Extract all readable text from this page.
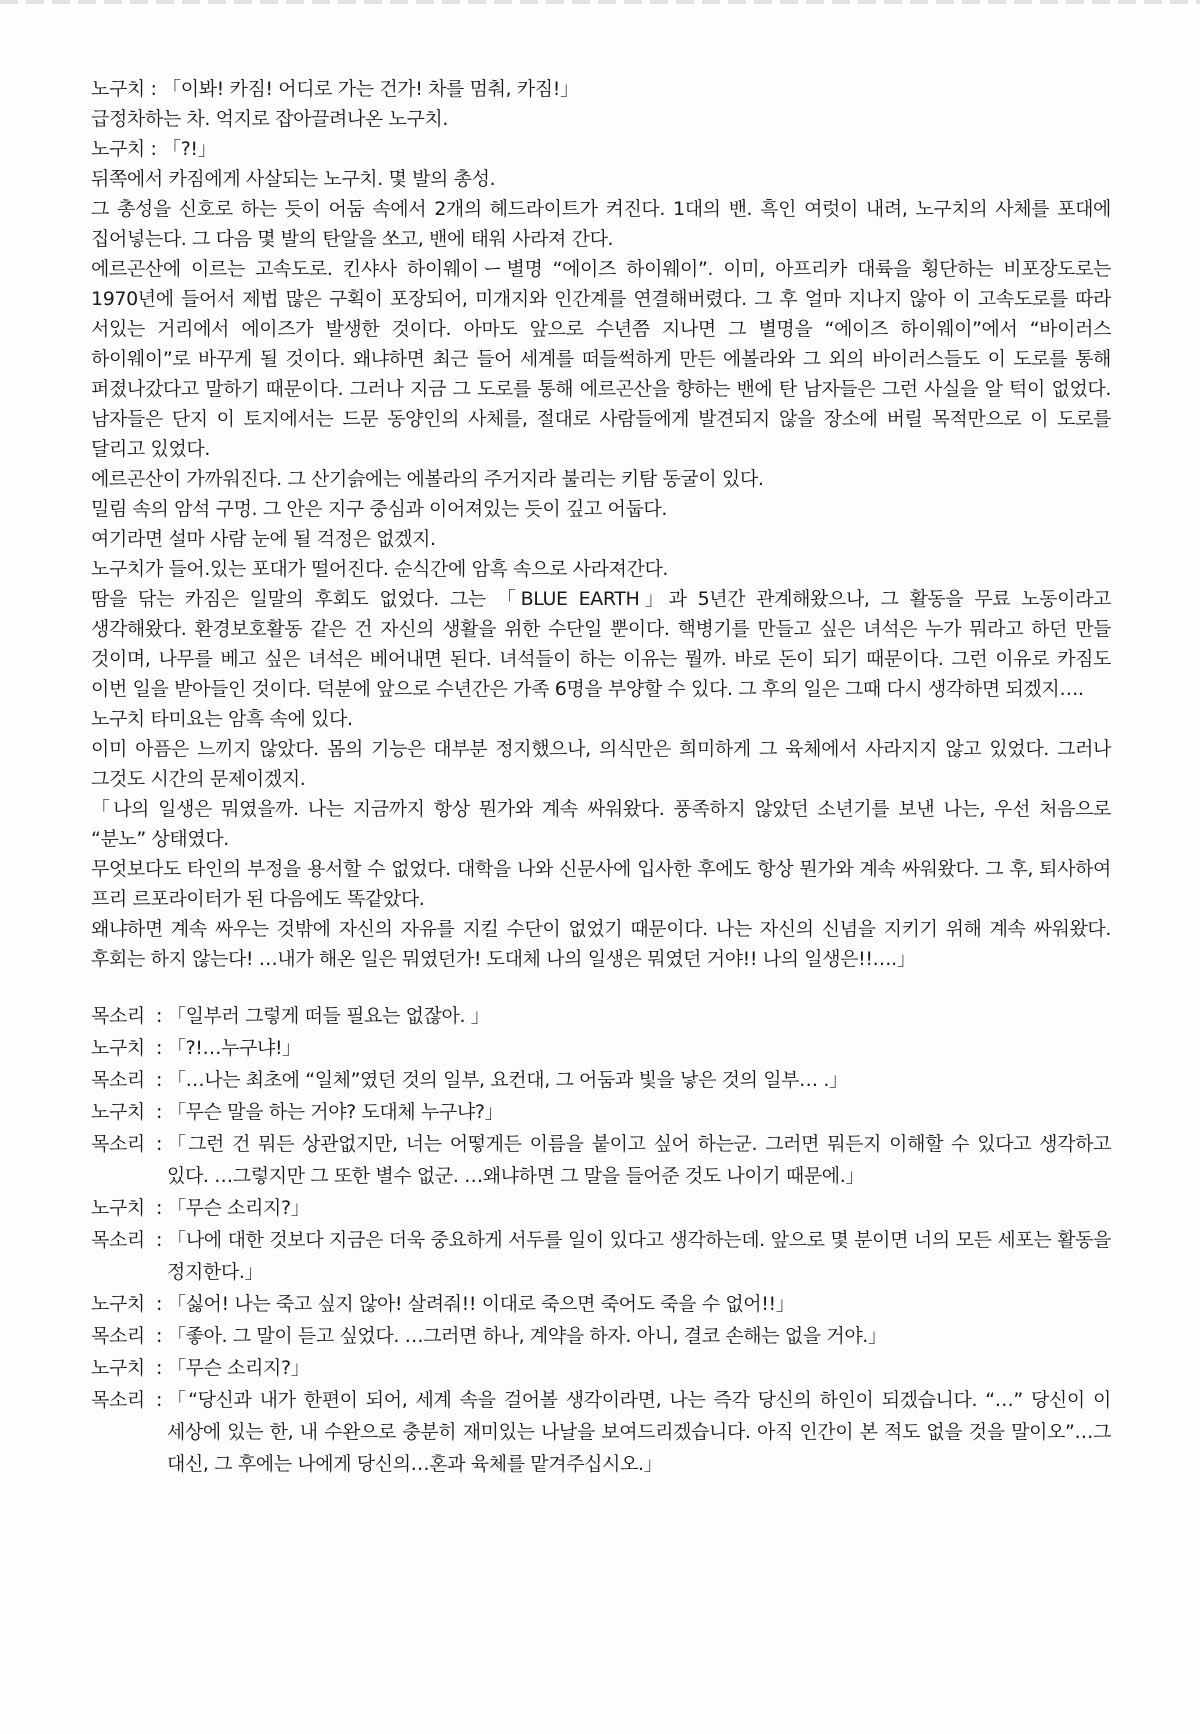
노구치 : 「이봐! 카짐! 어디로 가는 건가! 차를 멈춰, 카짐!」

급정차하는 차. 억지로 잡아끌려나온 노구치.

노구치 : 「?!」

뒤쪽에서 카짐에게 사살되는 노구치. 몇 발의 총성.

그 총성을 신호로 하는 듯이 어둠 속에서 2개의 헤드라이트가 켜진다. 1대의 밴. 흑인 여럿이 내려, 노구치의 사체를 포대에 집어넣는다. 그 다음 몇 발의 탄알을 쏘고, 밴에 태워 사라져 간다.

에르곤산에 이르는 고속도로. 킨샤사 하이웨이ー별명 “에이즈 하이웨이”. 이미, 아프리카 대륙을 횡단하는 비포장도로는 1970년에 들어서 제법 많은 구획이 포장되어, 미개지와 인간계를 연결해버렸다. 그 후 얼마 지나지 않아 이 고속도로를 따라 서있는 거리에서 에이즈가 발생한 것이다. 아마도 앞으로 수년쯤 지나면 그 별명을 “에이즈 하이웨이”에서 “바이러스 하이웨이”로 바꾸게 될 것이다. 왜냐하면 최근 들어 세계를 떠들썩하게 만든 에볼라와 그 외의 바이러스들도 이 도로를 통해 퍼졌나갔다고 말하기 때문이다. 그러나 지금 그 도로를 통해 에르곤산을 향하는 밴에 탄 남자들은 그런 사실을 알 턱이 없었다. 남자들은 단지 이 토지에서는 드문 동양인의 사체를, 절대로 사람들에게 발견되지 않을 장소에 버릴 목적만으로 이 도로를 달리고 있었다.

에르곤산이 가까워진다. 그 산기슭에는 에볼라의 주거지라 불리는 키탐 동굴이 있다.

밀림 속의 암석 구멍. 그 안은 지구 중심과 이어져있는 듯이 깊고 어둡다.

여기라면 설마 사람 눈에 될 걱정은 없겠지.

노구치가 들어.있는 포대가 떨어진다. 순식간에 암흑 속으로 사라져간다.

땀을 닦는 카짐은 일말의 후회도 없었다. 그는 「BLUE EARTH」과 5년간 관계해왔으나, 그 활동을 무료 노동이라고 생각해왔다. 환경보호활동 같은 건 자신의 생활을 위한 수단일 뿐이다. 핵병기를 만들고 싶은 녀석은 누가 뭐라고 하던 만들 것이며, 나무를 베고 싶은 녀석은 베어내면 된다. 녀석들이 하는 이유는 뭘까. 바로 돈이 되기 때문이다. 그런 이유로 카짐도 이번 일을 받아들인 것이다. 덕분에 앞으로 수년간은 가족 6명을 부양할 수 있다. 그 후의 일은 그때 다시 생각하면 되겠지….

노구치 타미요는 암흑 속에 있다.

이미 아픔은 느끼지 않았다. 몸의 기능은 대부분 정지했으나, 의식만은 희미하게 그 육체에서 사라지지 않고 있었다. 그러나 그것도 시간의 문제이겠지.

「나의 일생은 뭐였을까. 나는 지금까지 항상 뭔가와 계속 싸워왔다. 풍족하지 않았던 소년기를 보낸 나는, 우선 처음으로 “분노” 상태였다.

무엇보다도 타인의 부정을 용서할 수 없었다. 대학을 나와 신문사에 입사한 후에도 항상 뭔가와 계속 싸워왔다. 그 후, 퇴사하여 프리 르포라이터가 된 다음에도 똑같았다.

왜냐하면 계속 싸우는 것밖에 자신의 자유를 지킬 수단이 없었기 때문이다. 나는 자신의 신념을 지키기 위해 계속 싸워왔다. 후회는 하지 않는다! …내가 해온 일은 뭐였던가! 도대체 나의 일생은 뭐였던 거야!! 나의 일생은!!….」

목소리 : 「일부러 그렇게 떠들 필요는 없잖아. 」
노구치 : 「?!…누구냐!」
목소리 : 「…나는 최초에 “일체”였던 것의 일부, 요컨대, 그 어둠과 빛을 낳은 것의 일부… .」
노구치 : 「무슨 말을 하는 거야? 도대체 누구냐?」
목소리 : 「그런 건 뭐든 상관없지만, 너는 어떻게든 이름을 붙이고 싶어 하는군. 그러면 뭐든지 이해할 수 있다고 생각하고 있다. …그렇지만 그 또한 별수 없군. …왜냐하면 그 말을 들어준 것도 나이기 때문에.」
노구치 : 「무슨 소리지?」
목소리 : 「나에 대한 것보다 지금은 더욱 중요하게 서두를 일이 있다고 생각하는데. 앞으로 몇 분이면 너의 모든 세포는 활동을 정지한다.」
노구치 : 「싫어! 나는 죽고 싶지 않아! 살려줘!! 이대로 죽으면 죽어도 죽을 수 없어!!」
목소리 : 「좋아. 그 말이 듣고 싶었다. …그러면 하나, 계약을 하자. 아니, 결코 손해는 없을 거야.」
노구치 : 「무슨 소리지?」
목소리 : 「“당신과 내가 한편이 되어, 세계 속을 걸어볼 생각이라면, 나는 즉각 당신의 하인이 되겠습니다. “…” 당신이 이 세상에 있는 한, 내 수완으로 충분히 재미있는 나날을 보여드리겠습니다. 아직 인간이 본 적도 없을 것을 말이오”…그 대신, 그 후에는 나에게 당신의…혼과 육체를 맡겨주십시오.」
